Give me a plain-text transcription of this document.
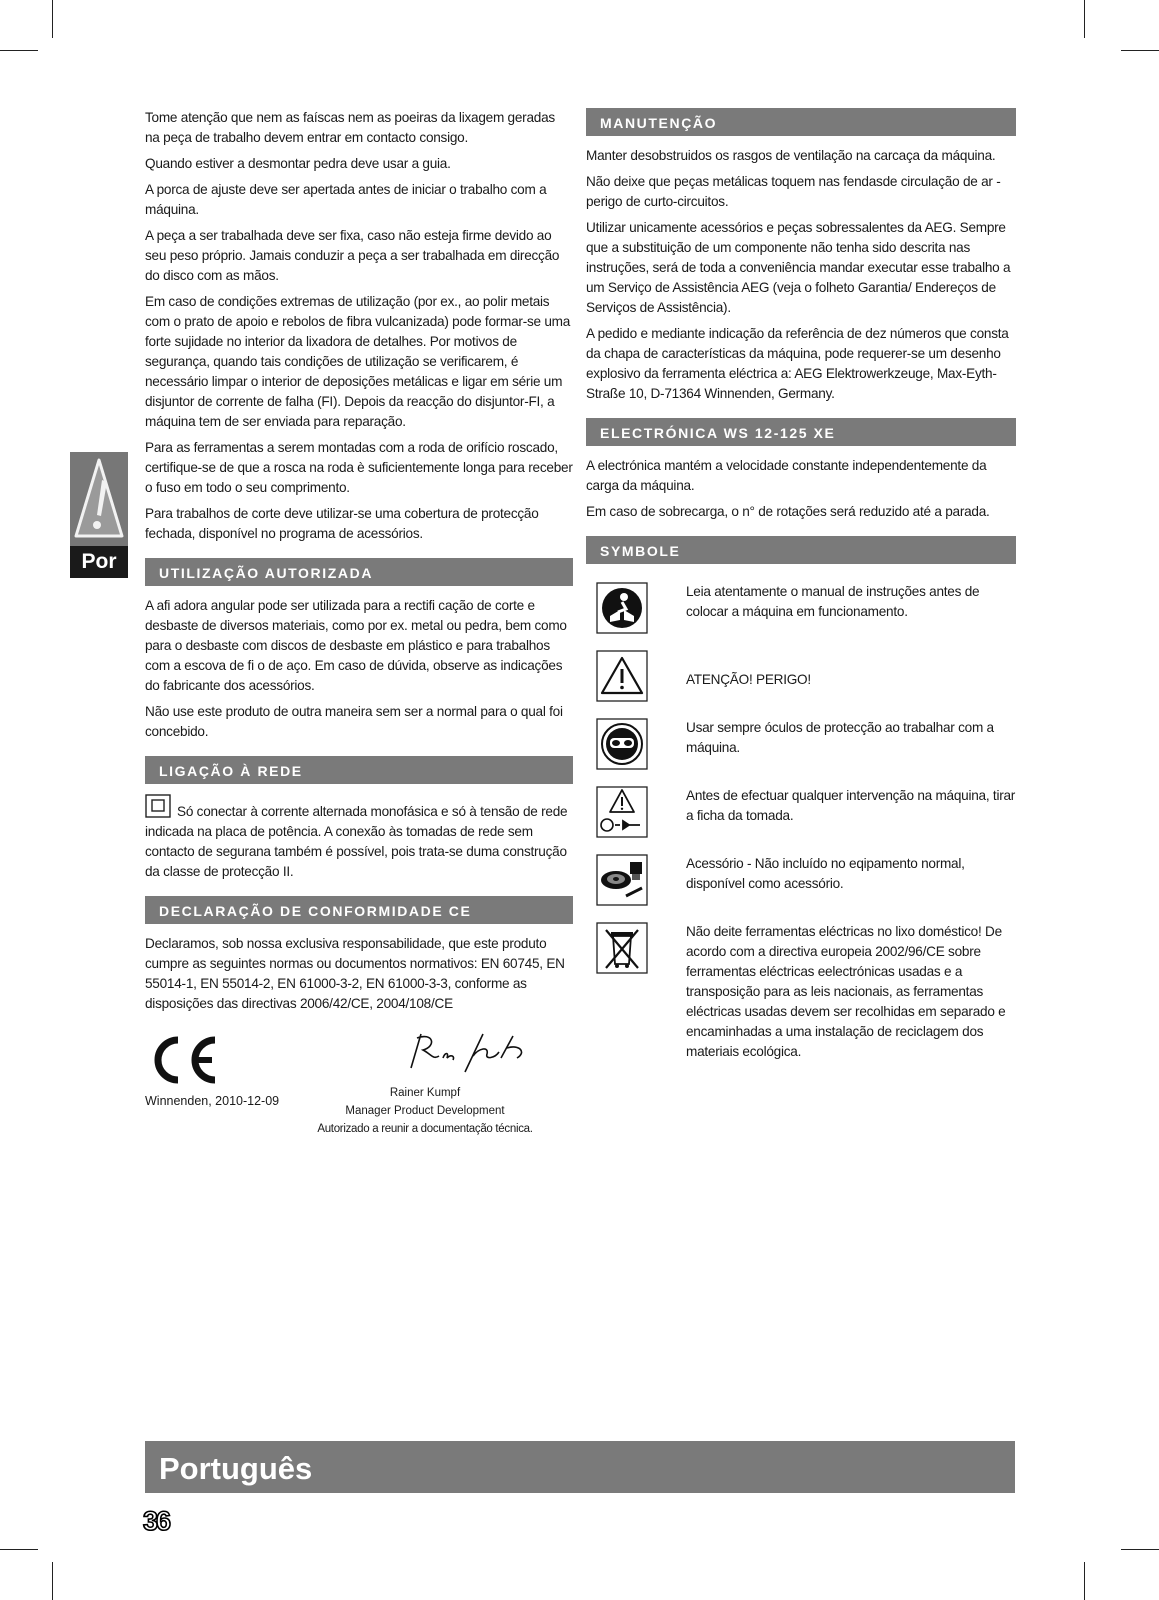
Por

Tome atenção que nem as faíscas nem as poeiras da lixagem geradas na peça de trabalho devem entrar em contacto consigo.

Quando estiver a desmontar pedra deve usar a guia.

A porca de ajuste deve ser apertada antes de iniciar o trabalho com a máquina.

A peça a ser trabalhada deve ser fixa, caso não esteja firme devido ao seu peso próprio. Jamais conduzir a peça a ser trabalhada em direcção do disco com as mãos.

Em caso de condições extremas de utilização (por ex., ao polir metais com o prato de apoio e rebolos de fibra vulcanizada) pode formar-se uma forte sujidade no interior da lixadora de detalhes. Por motivos de segurança, quando tais condições de utilização se verificarem, é necessário limpar o interior de deposições metálicas e ligar em série um disjuntor de corrente de falha (FI). Depois da reacção do disjuntor-FI, a máquina tem de ser enviada para reparação.

Para as ferramentas a serem montadas com a roda de orifício roscado, certifique-se de que a rosca na roda è suficientemente longa para receber o fuso em todo o seu comprimento.

Para trabalhos de corte deve utilizar-se uma cobertura de protecção fechada, disponível no programa de acessórios.

UTILIZAÇÃO AUTORIZADA

A afi adora angular pode ser utilizada para a rectifi cação de corte e desbaste de diversos materiais, como por ex. metal ou pedra, bem como para o desbaste com discos de desbaste em plástico e para trabalhos com a escova de fi o de aço. Em caso de dúvida, observe as indicações do fabricante dos acessórios.

Não use este produto de outra maneira sem ser a normal para o qual foi concebido.

LIGAÇÃO À REDE

Só conectar à corrente alternada monofásica e só à tensão de rede indicada na placa de potência. A conexão às tomadas de rede sem contacto de segurana também é possível, pois trata-se duma construção da classe de protecção II.

DECLARAÇÃO DE CONFORMIDADE CE

Declaramos, sob nossa exclusiva responsabilidade, que este produto cumpre as seguintes normas ou documentos normativos: EN 60745, EN 55014-1, EN 55014-2, EN 61000-3-2, EN 61000-3-3, conforme as disposições das directivas 2006/42/CE, 2004/108/CE

Winnenden, 2010-12-09
Rainer Kumpf
Manager Product Development
Autorizado a reunir a documentação técnica.
MANUTENÇÃO

Manter desobstruidos os rasgos de ventilação na carcaça da máquina.

Não deixe que peças metálicas toquem nas fendasde circulação de ar - perigo de curto-circuitos.

Utilizar unicamente acessórios e peças sobressalentes da AEG. Sempre que a substituição de um componente não tenha sido descrita nas instruções, será de toda a conveniência mandar executar esse trabalho a um Serviço de Assistência AEG (veja o folheto Garantia/ Endereços de Serviços de Assistência).

A pedido e mediante indicação da referência de dez números que consta da chapa de características da máquina, pode requerer-se um desenho explosivo da ferramenta eléctrica a: AEG Elektrowerkzeuge, Max-Eyth-Straße 10, D-71364 Winnenden, Germany.

ELECTRÓNICA WS 12-125 XE

A electrónica mantém a velocidade constante independentemente da carga da máquina.

Em caso de sobrecarga, o n° de rotações será reduzido até a parada.

SYMBOLE
Leia atentamente o manual de instruções antes de colocar a máquina em funcionamento.
ATENÇÃO! PERIGO!
Usar sempre óculos de protecção ao trabalhar com a máquina.
Antes de efectuar qualquer intervenção na máquina, tirar a ficha da tomada.
Acessório - Não incluído no eqipamento normal, disponível como acessório.
Não deite ferramentas eléctricas no lixo doméstico! De acordo com a directiva europeia 2002/96/CE sobre ferramentas eléctricas eelectrónicas usadas e a transposição para as leis nacionais, as ferramentas eléctricas usadas devem ser recolhidas em separado e encaminhadas a uma instalação de reciclagem dos materiais ecológica.
Português
36
